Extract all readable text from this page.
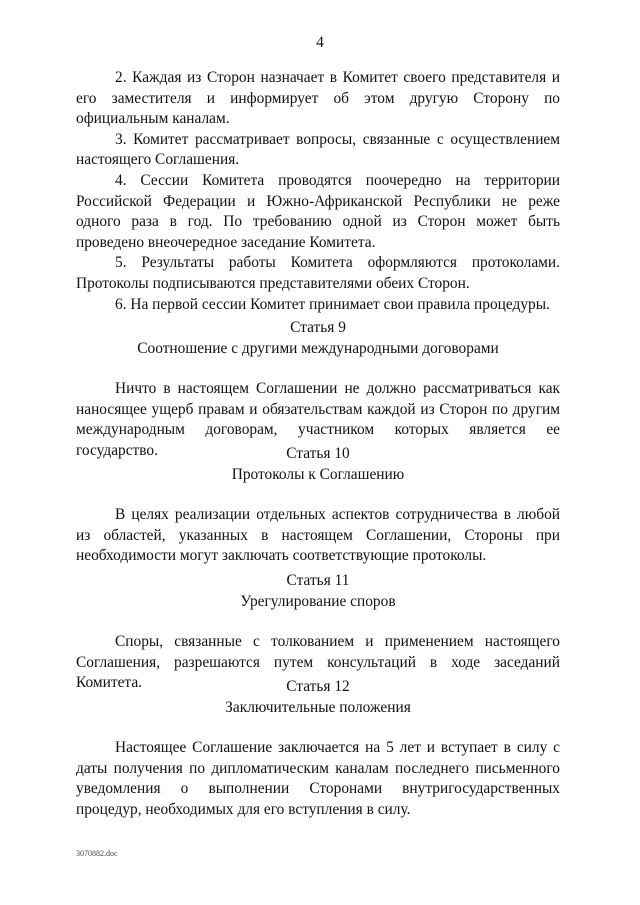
4

2. Каждая из Сторон назначает в Комитет своего представителя и его заместителя и информирует об этом другую Сторону по официальным каналам.

3. Комитет рассматривает вопросы, связанные с осуществлением настоящего Соглашения.

4. Сессии Комитета проводятся поочередно на территории Российской Федерации и Южно-Африканской Республики не реже одного раза в год. По требованию одной из Сторон может быть проведено внеочередное заседание Комитета.

5. Результаты работы Комитета оформляются протоколами. Протоколы подписываются представителями обеих Сторон.

6. На первой сессии Комитет принимает свои правила процедуры.

Статья 9

Соотношение с другими международными договорами

Ничто в настоящем Соглашении не должно рассматриваться как наносящее ущерб правам и обязательствам каждой из Сторон по другим международным договорам, участником которых является ее государство.	Статья 10

Протоколы к Соглашению

В целях реализации отдельных аспектов сотрудничества в любой из областей, указанных в настоящем Соглашении, Стороны при необходимости могут заключать соответствующие протоколы.

Статья 11

Урегулирование споров

Споры, связанные с толкованием и применением настоящего Соглашения, разрешаются путем консультаций в ходе заседаний Комитета.	Статья 12

Заключительные положения

Настоящее Соглашение заключается на 5 лет и вступает в силу с даты получения по дипломатическим каналам последнего письменного уведомления о выполнении Сторонами внутригосударственных процедур, необходимых для его вступления в силу.

3070882.doc
